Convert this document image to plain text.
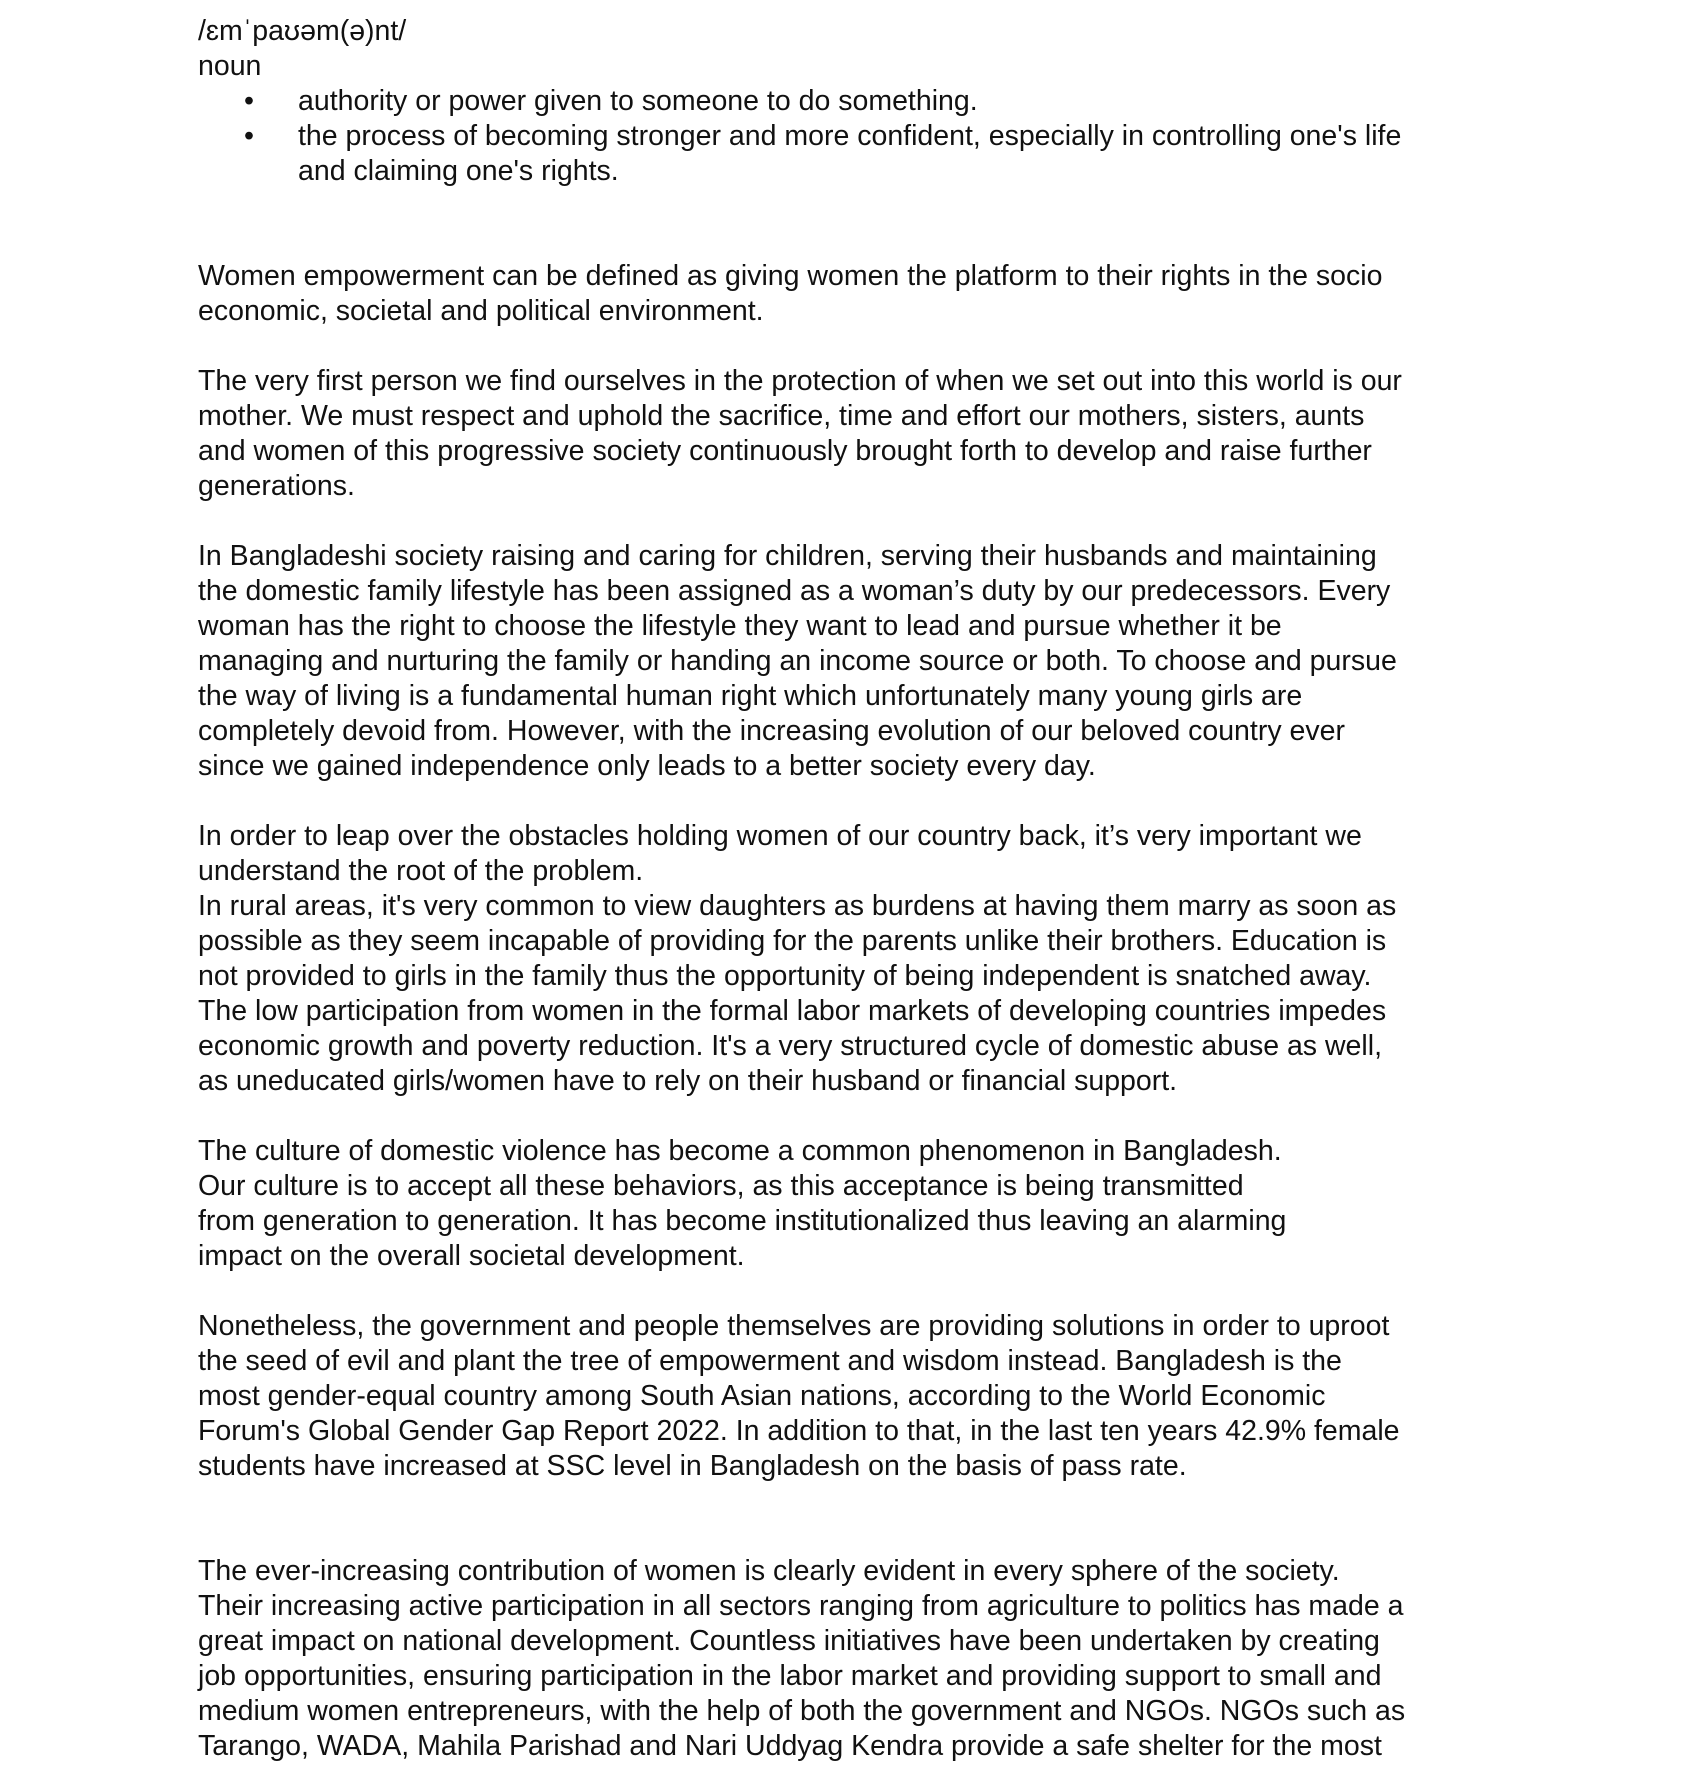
/ɛmˈpaʊəm(ə)nt/
noun
• authority or power given to someone to do something.
• the process of becoming stronger and more confident, especially in controlling one's life
and claiming one's rights.
Women empowerment can be defined as giving women the platform to their rights in the socio
economic, societal and political environment.
The very first person we find ourselves in the protection of when we set out into this world is our
mother. We must respect and uphold the sacrifice, time and effort our mothers, sisters, aunts
and women of this progressive society continuously brought forth to develop and raise further
generations.
In Bangladeshi society raising and caring for children, serving their husbands and maintaining
the domestic family lifestyle has been assigned as a woman’s duty by our predecessors. Every
woman has the right to choose the lifestyle they want to lead and pursue whether it be
managing and nurturing the family or handing an income source or both. To choose and pursue
the way of living is a fundamental human right which unfortunately many young girls are
completely devoid from. However, with the increasing evolution of our beloved country ever
since we gained independence only leads to a better society every day.
In order to leap over the obstacles holding women of our country back, it’s very important we
understand the root of the problem.
In rural areas, it's very common to view daughters as burdens at having them marry as soon as
possible as they seem incapable of providing for the parents unlike their brothers. Education is
not provided to girls in the family thus the opportunity of being independent is snatched away.
The low participation from women in the formal labor markets of developing countries impedes
economic growth and poverty reduction. It's a very structured cycle of domestic abuse as well,
as uneducated girls/women have to rely on their husband or financial support.
The culture of domestic violence has become a common phenomenon in Bangladesh.
Our culture is to accept all these behaviors, as this acceptance is being transmitted
from generation to generation. It has become institutionalized thus leaving an alarming
impact on the overall societal development.
Nonetheless, the government and people themselves are providing solutions in order to uproot
the seed of evil and plant the tree of empowerment and wisdom instead. Bangladesh is the
most gender-equal country among South Asian nations, according to the World Economic
Forum's Global Gender Gap Report 2022. In addition to that, in the last ten years 42.9% female
students have increased at SSC level in Bangladesh on the basis of pass rate.
The ever-increasing contribution of women is clearly evident in every sphere of the society.
Their increasing active participation in all sectors ranging from agriculture to politics has made a
great impact on national development. Countless initiatives have been undertaken by creating
job opportunities, ensuring participation in the labor market and providing support to small and
medium women entrepreneurs, with the help of both the government and NGOs. NGOs such as
Tarango, WADA, Mahila Parishad and Nari Uddyag Kendra provide a safe shelter for the most
